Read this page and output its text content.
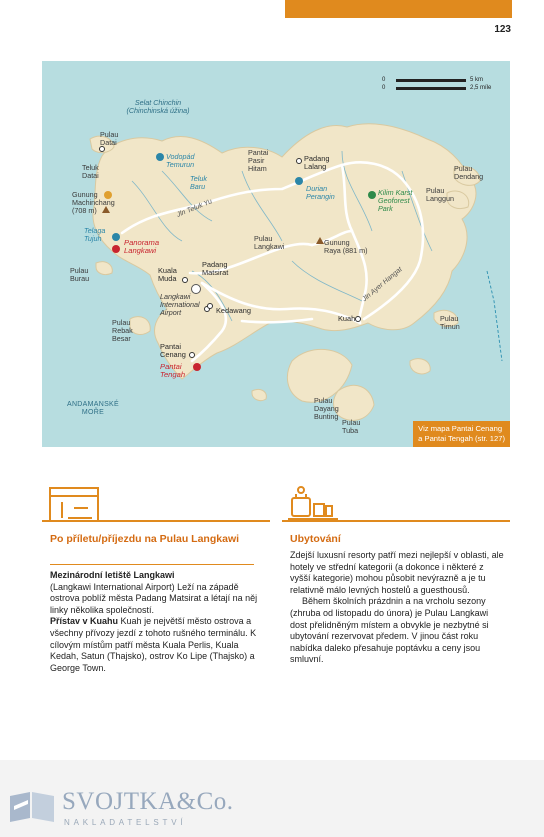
123
0
0
5 km
2,5 míle
Selat Chinchin
(Chinchinská úžina)
ANDAMANSKÉ
MOŘE
Pulau
Datai
Teluk
Datai
Gunung
Machinchang
(708 m)
Telaga
Tujuh	Panorama
Langkawi
Pulau
Burau
Vodopád
Temurun
Teluk
Baru
Jln Teluk Yu
Pantai
Pasir
Hitam
Padang
Lalang
Durian
Perangin	Kilim Karst
Geoforest
Park
Pulau
Dendang
Pulau
Langgun
Pulau
Langkawi	Gunung
Raya (881 m)
Jln Ayer Hangat
Padang
Matsirat
Kuala
Muda
Langkawi
International
Airport	Kedawang
Kuah	Pulau
Timun
Pulau
Rebak
Besar
Pantai
Cenang
Pantai
Tengah
Pulau
Dayang
Bunting
Pulau
Tuba	Viz mapa Pantai Cenang
a Pantai Tengah (str. 127)
Po příletu/příjezdu na Pulau Langkawi
Mezinárodní letiště Langkawi
(Langkawi International Airport) Leží na západě ostrova poblíž města Padang Matsirat a létají na něj linky několika společností.
Přístav v Kuahu Kuah je největší město ostrova a všechny přívozy jezdí z tohoto rušného terminálu. K cílovým místům patří města Kuala Perlis, Kuala Kedah, Satun (Thajsko), ostrov Ko Lipe (Thajsko) a George Town.
Ubytování
Zdejší luxusní resorty patří mezi nejlepší v oblasti, ale hotely ve střední kategorii (a dokonce i některé z vyšší kategorie) mohou působit nevýrazně a je tu relativně málo levných hostelů a guesthousů.
Během školních prázdnin a na vrcholu sezony (zhruba od listopadu do února) je Pulau Langkawi dost přelidněným místem a obvykle je nezbytné si ubytování rezervovat předem. V jinou část roku nabídka daleko přesahuje poptávku a ceny jsou smluvní.
SVOJTKA&Co.
NAKLADATELSTVÍ
